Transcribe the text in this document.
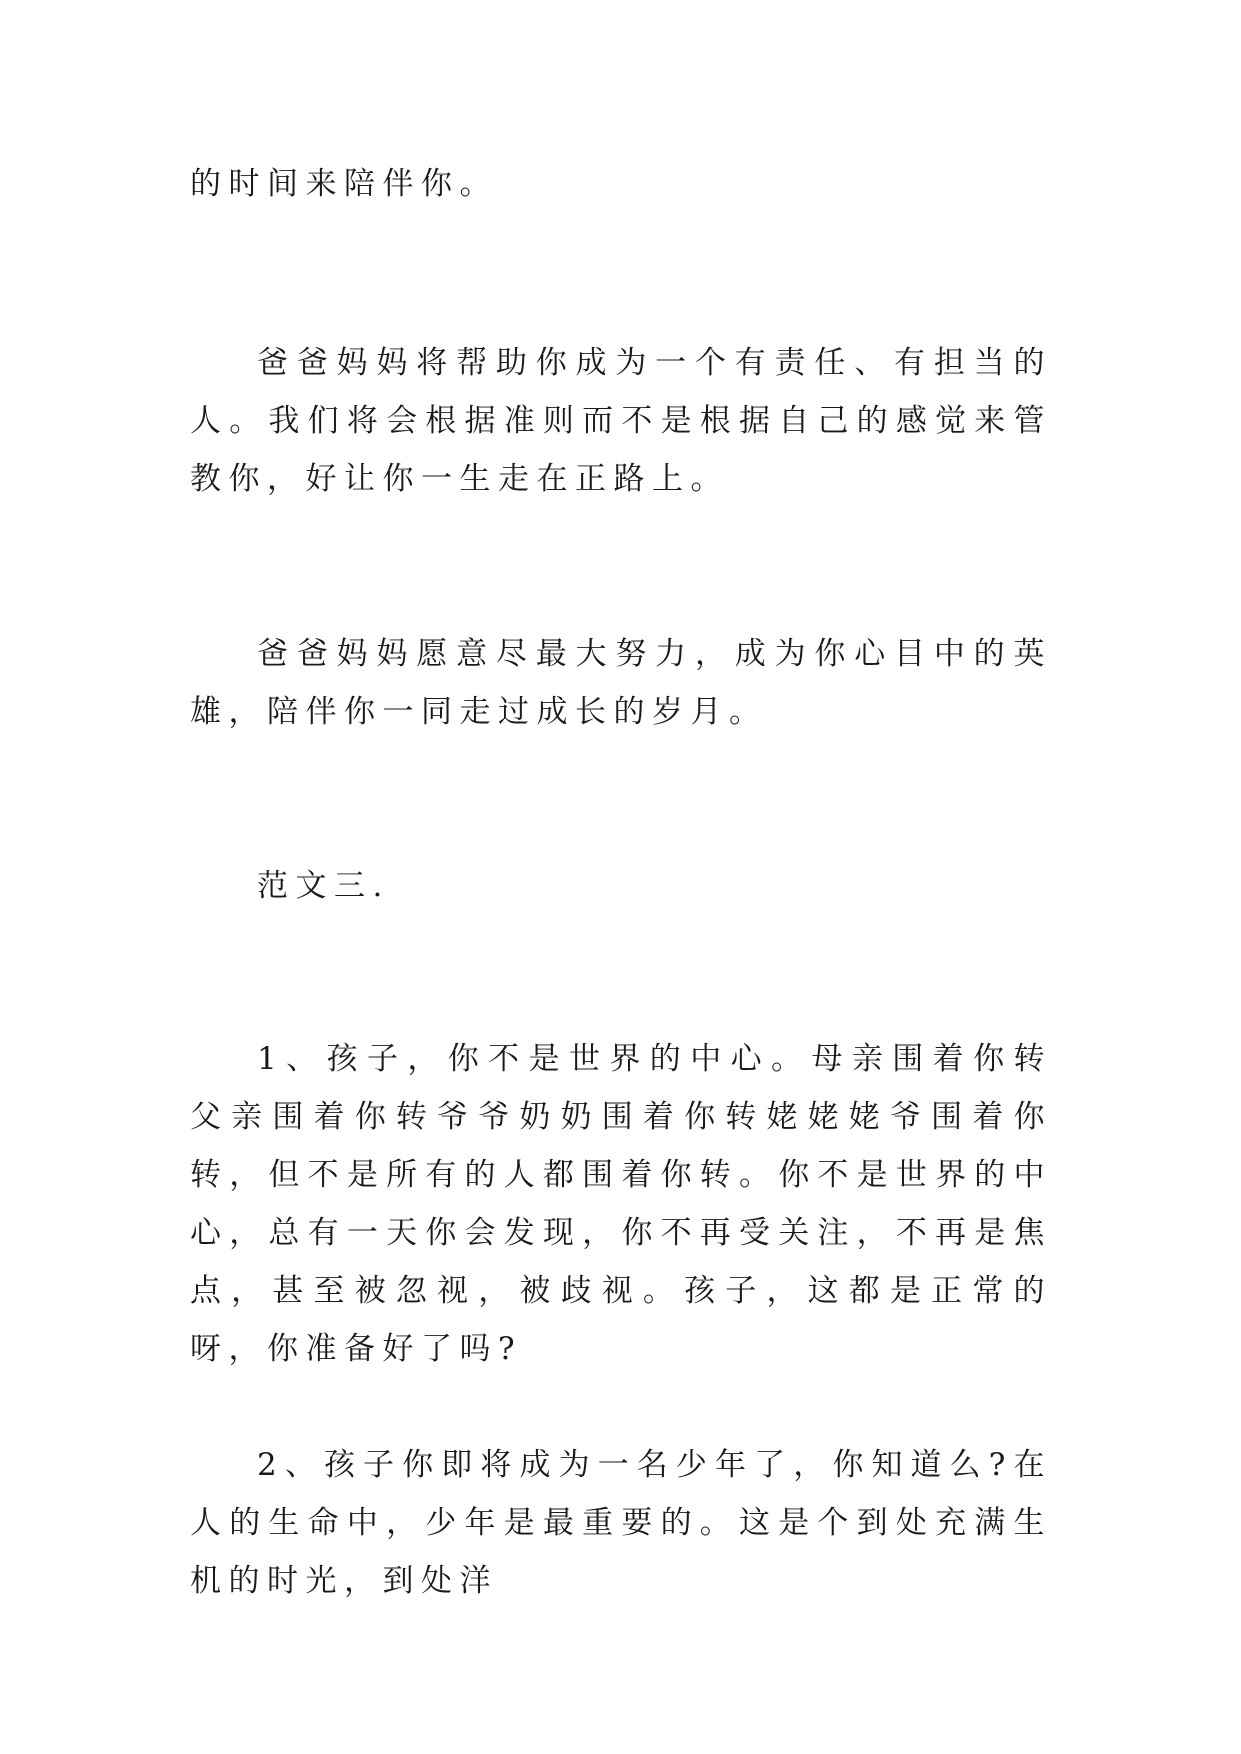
的时间来陪伴你。

爸爸妈妈将帮助你成为一个有责任、有担当的人。我们将会根据准则而不是根据自己的感觉来管教你，好让你一生走在正路上。

爸爸妈妈愿意尽最大努力，成为你心目中的英雄，陪伴你一同走过成长的岁月。

范文三.

1、孩子，你不是世界的中心。母亲围着你转父亲围着你转爷爷奶奶围着你转姥姥姥爷围着你转，但不是所有的人都围着你转。你不是世界的中心，总有一天你会发现，你不再受关注，不再是焦点，甚至被忽视，被歧视。孩子，这都是正常的呀，你准备好了吗?

2、孩子你即将成为一名少年了，你知道么?在人的生命中，少年是最重要的。这是个到处充满生机的时光，到处洋
